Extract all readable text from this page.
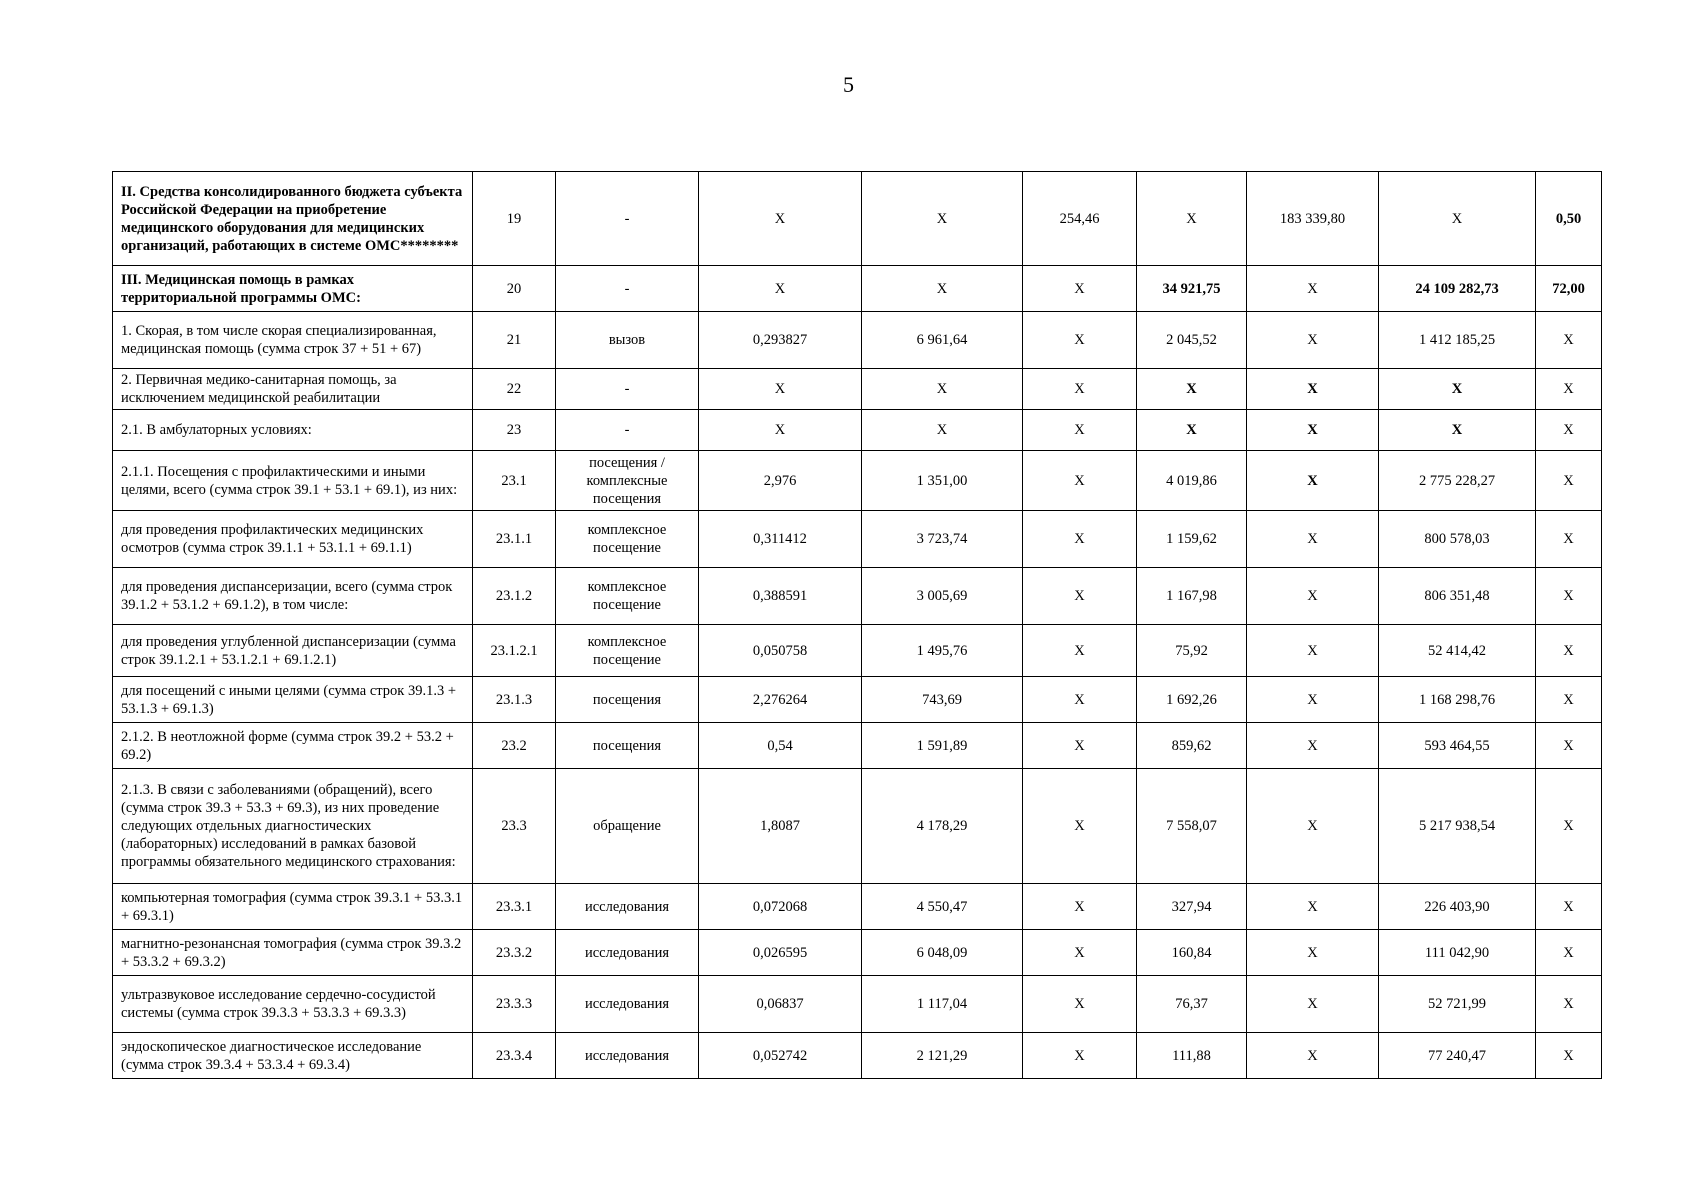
5
II. Средства консолидированного бюджета субъекта Российской Федерации на приобретение медицинского оборудования для медицинских организаций, работающих в системе ОМС********	19	-	X	X	254,46	X	183 339,80	X	0,50
III. Медицинская помощь в рамках территориальной программы ОМС:	20	-	X	X	X	34 921,75	X	24 109 282,73	72,00
1. Скорая, в том числе скорая специализированная, медицинская помощь (сумма строк 37 + 51 + 67)	21	вызов	0,293827	6 961,64	X	2 045,52	X	1 412 185,25	X
2. Первичная медико-санитарная помощь, за исключением медицинской реабилитации	22	-	X	X	X	X	X	X	X
2.1. В амбулаторных условиях:	23	-	X	X	X	X	X	X	X
2.1.1. Посещения с профилактическими и иными целями, всего (сумма строк 39.1 + 53.1 + 69.1), из них:	23.1	посещения / комплексные посещения	2,976	1 351,00	X	4 019,86	X	2 775 228,27	X
для проведения профилактических медицинских осмотров (сумма строк 39.1.1 + 53.1.1 + 69.1.1)	23.1.1	комплексное посещение	0,311412	3 723,74	X	1 159,62	X	800 578,03	X
для проведения диспансеризации, всего (сумма строк 39.1.2 + 53.1.2 + 69.1.2), в том числе:	23.1.2	комплексное посещение	0,388591	3 005,69	X	1 167,98	X	806 351,48	X
для проведения углубленной диспансеризации (сумма строк 39.1.2.1 + 53.1.2.1 + 69.1.2.1)	23.1.2.1	комплексное посещение	0,050758	1 495,76	X	75,92	X	52 414,42	X
для посещений с иными целями (сумма строк 39.1.3 + 53.1.3 + 69.1.3)	23.1.3	посещения	2,276264	743,69	X	1 692,26	X	1 168 298,76	X
2.1.2. В неотложной форме (сумма строк 39.2 + 53.2 + 69.2)	23.2	посещения	0,54	1 591,89	X	859,62	X	593 464,55	X
2.1.3. В связи с заболеваниями (обращений), всего (сумма строк 39.3 + 53.3 + 69.3), из них проведение следующих отдельных диагностических (лабораторных) исследований в рамках базовой программы обязательного медицинского страхования:	23.3	обращение	1,8087	4 178,29	X	7 558,07	X	5 217 938,54	X
компьютерная томография (сумма строк 39.3.1 + 53.3.1 + 69.3.1)	23.3.1	исследования	0,072068	4 550,47	X	327,94	X	226 403,90	X
магнитно-резонансная томография (сумма строк 39.3.2 + 53.3.2 + 69.3.2)	23.3.2	исследования	0,026595	6 048,09	X	160,84	X	111 042,90	X
ультразвуковое исследование сердечно-сосудистой системы (сумма строк 39.3.3 + 53.3.3 + 69.3.3)	23.3.3	исследования	0,06837	1 117,04	X	76,37	X	52 721,99	X
эндоскопическое диагностическое исследование (сумма строк 39.3.4 + 53.3.4 + 69.3.4)	23.3.4	исследования	0,052742	2 121,29	X	111,88	X	77 240,47	X
